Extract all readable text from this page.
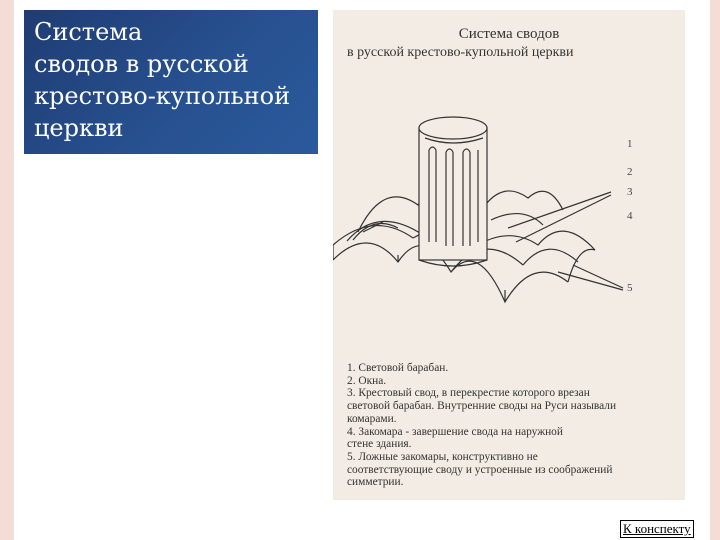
Система
сводов в русской
крестово-купольной
церкви
Система сводов
в русской крестово-купольной церкви
1
2
3
4
5
1. Световой барабан.
2. Окна.
3. Крестовый свод, в перекрестие которого врезан
световой барабан. Внутренние своды на Руси называли
комарами.
4. Закомара - завершение свода на наружной
стене здания.
5. Ложные закомары, конструктивно не
соответствующие своду и устроенные из соображений
симметрии.
К конспекту
